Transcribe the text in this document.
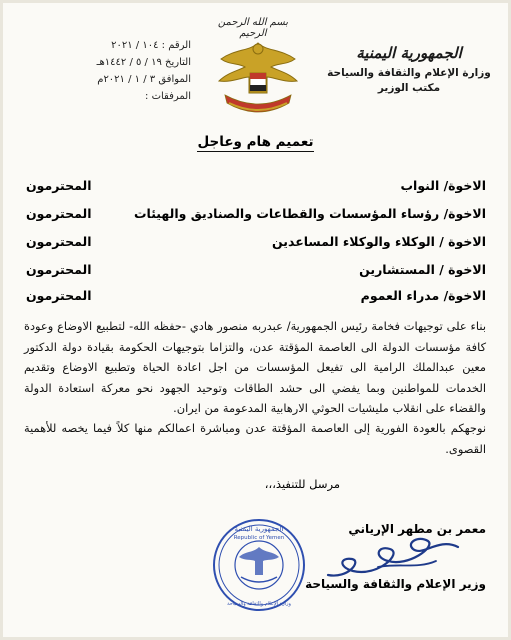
الجمهورية اليمنية
وزارة الإعلام والثقافة والسياحة
مكتب الوزير
بسم الله الرحمن الرحيم
الرقم : ١٠٤ / ٢٠٢١
التاريخ ١٩ / ٥ / ١٤٤٢هـ
الموافق ٣ / ١ / ٢٠٢١م
المرفقات :
تعميم هام وعاجل
الاخوة/ النواب
المحترمون
الاخوة/ رؤساء المؤسسات والقطاعات والصناديق والهيئات
المحترمون
الاخوة / الوكلاء والوكلاء المساعدين
المحترمون
الاخوة / المستشارين
المحترمون
الاخوة/ مدراء العموم
المحترمون

بناء على توجيهات فخامة رئيس الجمهورية/ عبدربه منصور هادي -حفظه الله- لتطبيع الاوضاع وعودة كافة مؤسسات الدولة الى العاصمة المؤقتة عدن، والتزاما بتوجيهات الحكومة بقيادة دولة الدكتور معين عبدالملك الرامية الى تفيعل المؤسسات من اجل اعادة الحياة وتطبيع الاوضاع وتقديم الخدمات للمواطنين وبما يفضي الى حشد الطاقات وتوحيد الجهود نحو معركة استعادة الدولة والقضاء على انقلاب مليشيات الحوثي الارهابية المدعومة من ايران.

نوجهكم بالعودة الفورية إلى العاصمة المؤقتة عدن ومباشرة اعمالكم منها كلاً فيما يخصه للأهمية القصوى.

مرسل للتنفيذ،،،
معمر بن مطهر الإرياني
وزير الإعلام والثقافة والسياحة
الجمهورية اليمنية
Republic of Yemen
وزارة الإعلام والثقافة والسياحة
